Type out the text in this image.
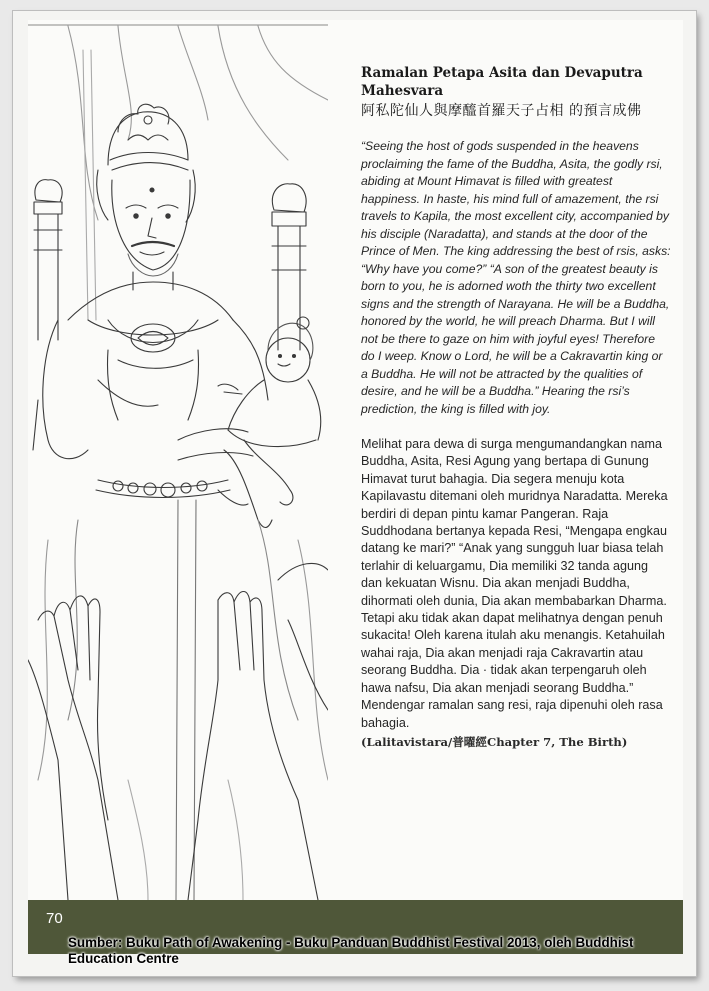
Ramalan Petapa Asita dan Devaputra Mahesvara

阿私陀仙人與摩醯首羅天子占相 的預言成佛

“Seeing the host of gods suspended in the heavens proclaiming the fame of the Buddha, Asita, the godly rsi, abiding at Mount Himavat is filled with greatest happiness. In haste, his mind full of amazement, the rsi travels to Kapila, the most excellent city, accompanied by his disciple (Naradatta), and stands at the door of the Prince of Men. The king addressing the best of rsis, asks: “Why have you come?” “A son of the greatest beauty is born to you, he is adorned woth the thirty two excellent signs and the strength of Narayana. He will be a Buddha, honored by the world, he will preach Dharma. But I will not be there to gaze on him with joyful eyes! Therefore do I weep. Know o Lord, he will be a Cakravartin king or a Buddha. He will not be attracted by the qualities of desire, and he will be a Buddha.” Hearing the rsi’s prediction, the king is filled with joy.

Melihat para dewa di surga mengumandangkan nama Buddha, Asita, Resi Agung yang bertapa di Gunung Himavat turut bahagia. Dia segera menuju kota Kapilavastu ditemani oleh muridnya Naradatta. Mereka berdiri di depan pintu kamar Pangeran. Raja Suddhodana bertanya kepada Resi, “Mengapa engkau datang ke mari?” “Anak yang sungguh luar biasa telah terlahir di keluargamu, Dia memiliki 32 tanda agung dan kekuatan Wisnu. Dia akan menjadi Buddha, dihormati oleh dunia, Dia akan membabarkan Dharma. Tetapi aku tidak akan dapat melihatnya dengan penuh sukacita! Oleh karena itulah aku menangis. Ketahuilah wahai raja, Dia akan menjadi raja Cakravartin atau seorang Buddha. Dia · tidak akan terpengaruh oleh hawa nafsu, Dia akan menjadi seorang Buddha.” Mendengar ramalan sang resi, raja dipenuhi oleh rasa bahagia.

(Lalitavistara/普曜經Chapter 7, The Birth)

70
Sumber: Buku Path of Awakening - Buku Panduan Buddhist Festival 2013, oleh Buddhist Education Centre
